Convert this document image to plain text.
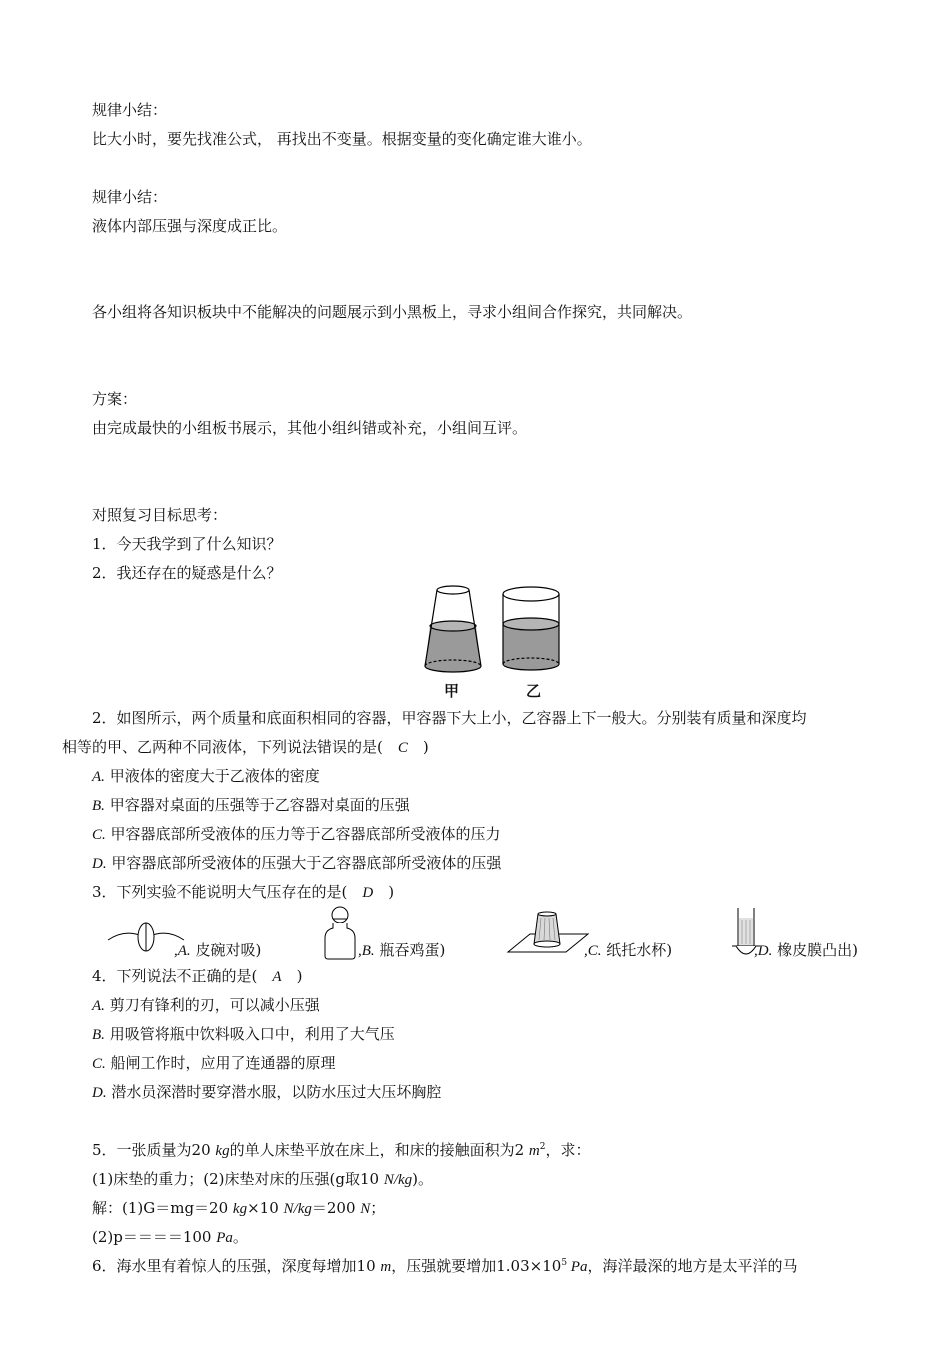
规律小结：
比大小时，要先找准公式， 再找出不变量。根据变量的变化确定谁大谁小。
规律小结：
液体内部压强与深度成正比。
各小组将各知识板块中不能解决的问题展示到小黑板上，寻求小组间合作探究，共同解决。
方案：
由完成最快的小组板书展示，其他小组纠错或补充，小组间互评。
对照复习目标思考：
1．今天我学到了什么知识？
2．我还存在的疑惑是什么？
甲	乙
2．如图所示，两个质量和底面积相同的容器，甲容器下大上小，乙容器上下一般大。分别装有质量和深度均
相等的甲、乙两种不同液体，下列说法错误的是(　C　)
A. 甲液体的密度大于乙液体的密度
B. 甲容器对桌面的压强等于乙容器对桌面的压强
C. 甲容器底部所受液体的压力等于乙容器底部所受液体的压力
D. 甲容器底部所受液体的压强大于乙容器底部所受液体的压强
3．下列实验不能说明大气压存在的是(　D　)
,A. 皮碗对吸)	,B. 瓶吞鸡蛋)	,C. 纸托水杯)	,D. 橡皮膜凸出)
4．下列说法不正确的是(　A　)
A. 剪刀有锋利的刃，可以减小压强
B. 用吸管将瓶中饮料吸入口中，利用了大气压
C. 船闸工作时，应用了连通器的原理
D. 潜水员深潜时要穿潜水服，以防水压过大压坏胸腔
5．一张质量为20 kg的单人床垫平放在床上，和床的接触面积为2 $m^2$，求：
(1)床垫的重力；(2)床垫对床的压强(g取10 N/kg)。
解：(1)G＝mg＝20 kg×10 N/kg＝200 N；
(2)p＝＝＝＝100 Pa。
6．海水里有着惊人的压强，深度每增加10 m，压强就要增加$1.03\times 10^5$ Pa，海洋最深的地方是太平洋的马
